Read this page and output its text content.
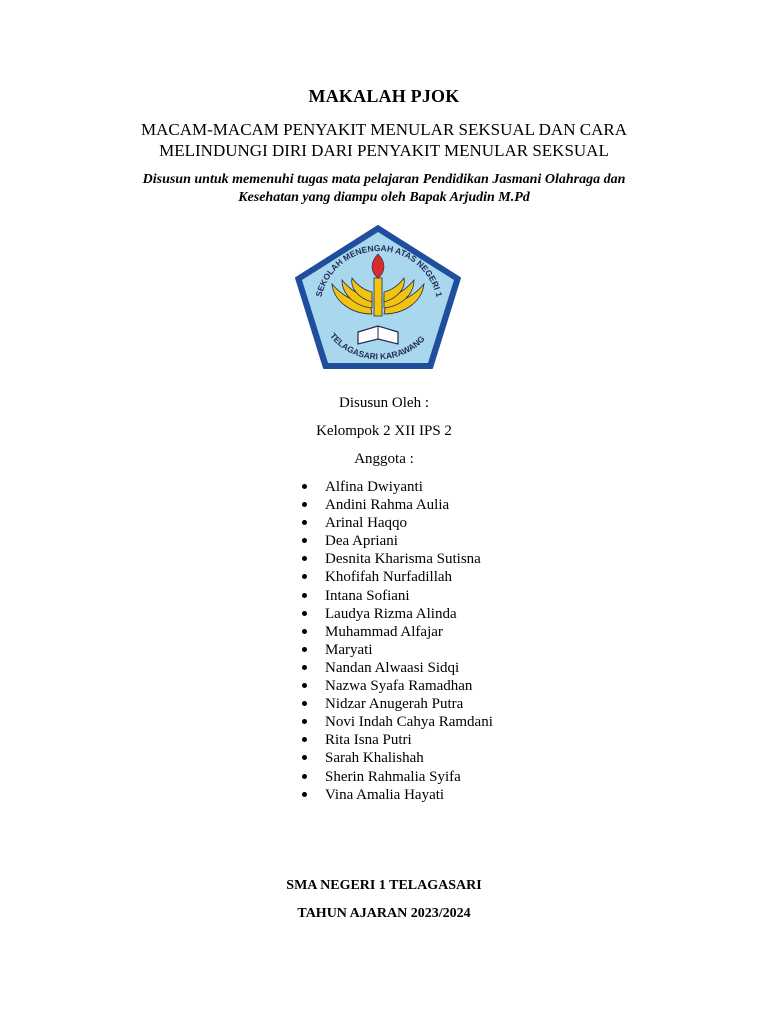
MAKALAH PJOK
MACAM-MACAM PENYAKIT MENULAR SEKSUAL DAN CARA
MELINDUNGI DIRI DARI PENYAKIT MENULAR SEKSUAL
Disusun untuk memenuhi tugas mata pelajaran Pendidikan Jasmani Olahraga dan
Kesehatan yang diampu oleh Bapak Arjudin M.Pd
SEKOLAH MENENGAH ATAS NEGERI 1
TELAGASARI KARAWANG
Disusun Oleh :
Kelompok 2 XII IPS 2
Anggota :
Alfina Dwiyanti
Andini Rahma Aulia
Arinal Haqqo
Dea Apriani
Desnita Kharisma Sutisna
Khofifah Nurfadillah
Intana Sofiani
Laudya Rizma Alinda
Muhammad Alfajar
Maryati
Nandan Alwaasi Sidqi
Nazwa Syafa Ramadhan
Nidzar Anugerah Putra
Novi Indah Cahya Ramdani
Rita Isna Putri
Sarah Khalishah
Sherin Rahmalia Syifa
Vina Amalia Hayati
SMA NEGERI 1 TELAGASARI
TAHUN AJARAN 2023/2024
